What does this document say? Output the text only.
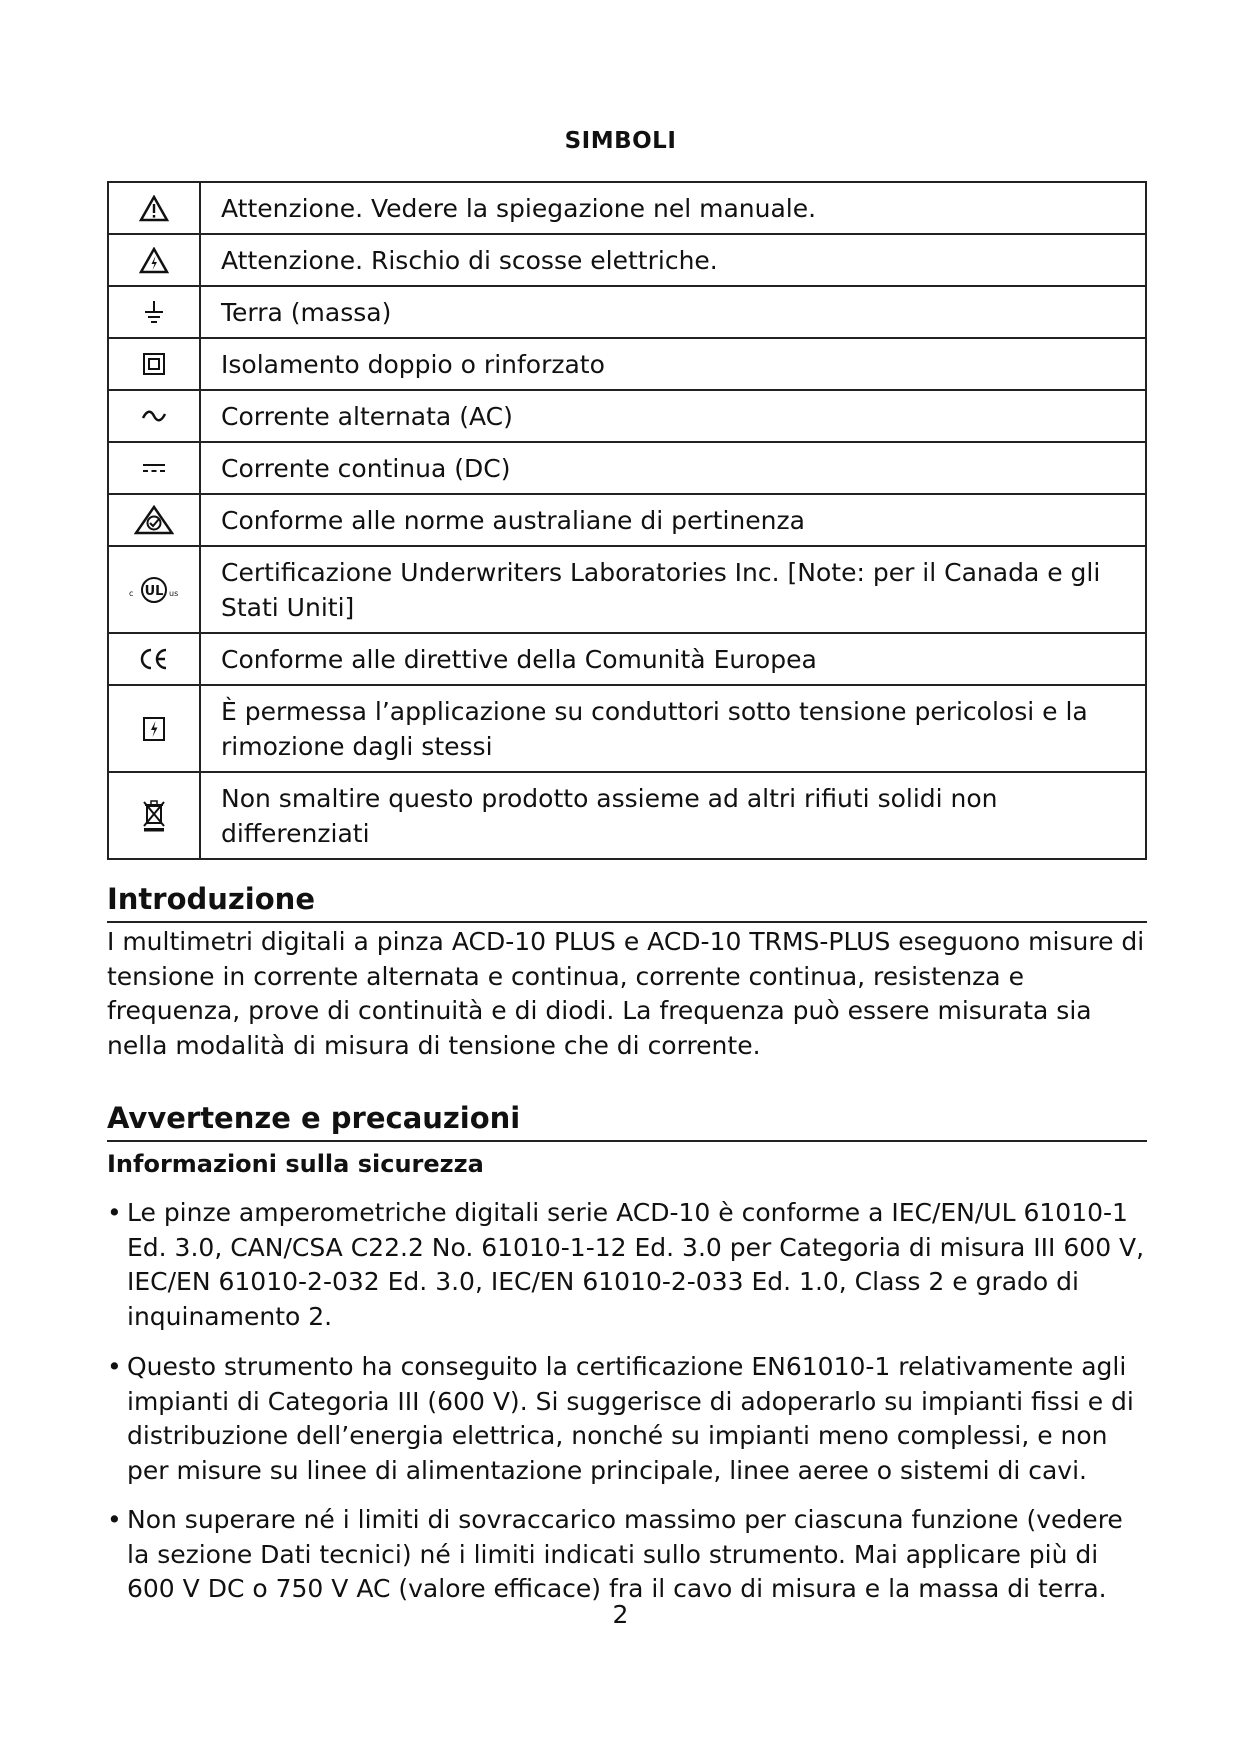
SIMBOLI
	Attenzione. Vedere la spiegazione nel manuale.

	Attenzione. Rischio di scosse elettriche.

	Terra (massa)

	Isolamento doppio o rinforzato

	Corrente alternata (AC)

	Corrente continua (DC)

	Conforme alle norme australiane di pertinenza

c UL us	Certificazione Underwriters Laboratories Inc. [Note: per il Canada e gli Stati Uniti]

	Conforme alle direttive della Comunità Europea

	È permessa l’applicazione su conduttori sotto tensione pericolosi e la rimozione dagli stessi

	Non smaltire questo prodotto assieme ad altri rifiuti solidi non differenziati
Introduzione

I multimetri digitali a pinza ACD-10 PLUS e ACD-10 TRMS-PLUS eseguono misure di tensione in corrente alternata e continua, corrente continua, resistenza e frequenza, prove di continuità e di diodi. La frequenza può essere misurata sia nella modalità di misura di tensione che di corrente.

Avvertenze e precauzioni
Informazioni sulla sicurezza
• Le pinze amperometriche digitali serie ACD-10 è conforme a IEC/EN/UL 61010-1 Ed. 3.0, CAN/CSA C22.2 No. 61010-1-12 Ed. 3.0 per Categoria di misura III 600 V, IEC/EN 61010-2-032 Ed. 3.0, IEC/EN 61010-2-033 Ed. 1.0, Class 2 e grado di inquinamento 2.
• Questo strumento ha conseguito la certificazione EN61010-1 relativamente agli impianti di Categoria III (600 V). Si suggerisce di adoperarlo su impianti fissi e di distribuzione dell’energia elettrica, nonché su impianti meno complessi, e non per misure su linee di alimentazione principale, linee aeree o sistemi di cavi.
• Non superare né i limiti di sovraccarico massimo per ciascuna funzione (vedere la sezione Dati tecnici) né i limiti indicati sullo strumento. Mai applicare più di 600 V DC o 750 V AC (valore efficace) fra il cavo di misura e la massa di terra.
2
